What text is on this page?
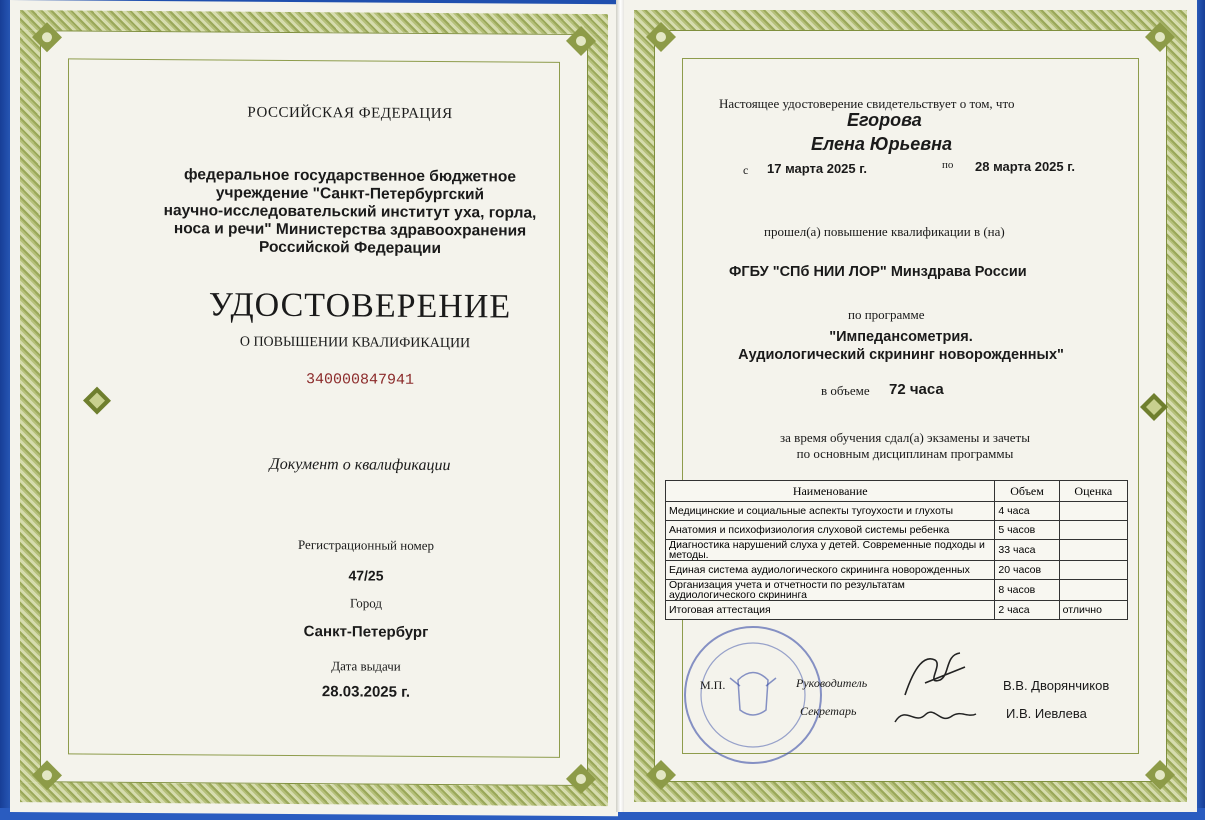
РОССИЙСКАЯ ФЕДЕРАЦИЯ

федеральное государственное бюджетное

учреждение "Санкт-Петербургский

научно-исследовательский институт уха, горла,

носа и речи" Министерства здравоохранения

Российской Федерации

УДОСТОВЕРЕНИЕ

О ПОВЫШЕНИИ КВАЛИФИКАЦИИ

340000847941

Документ о квалификации

Регистрационный номер

47/25

Город

Санкт-Петербург

Дата выдачи

28.03.2025 г.

Настоящее удостоверение свидетельствует о том, что

Егорова

Елена Юрьевна

с 17 марта 2025 г.	по 28 марта 2025 г.

прошел(а) повышение квалификации в (на)

ФГБУ "СПб НИИ ЛОР" Минздрава России

по программе

"Импедансометрия.

Аудиологический скрининг новорожденных"

в объеме 72 часа

за время обучения сдал(а) экзамены и зачеты

по основным дисциплинам программы

Наименование	Объем	Оценка
Медицинские и социальные аспекты тугоухости и глухоты	4 часа	
Анатомия и психофизиология слуховой системы ребенка	5 часов	
Диагностика нарушений слуха у детей. Современные подходы и методы.	33 часа	
Единая система аудиологического скрининга новорожденных	20 часов	
Организация учета и отчетности по результатам аудиологического скрининга	8 часов	
Итоговая аттестация	2 часа	отлично

М.П.	Руководитель	В.В. Дворянчиков

Секретарь	И.В. Иевлева
